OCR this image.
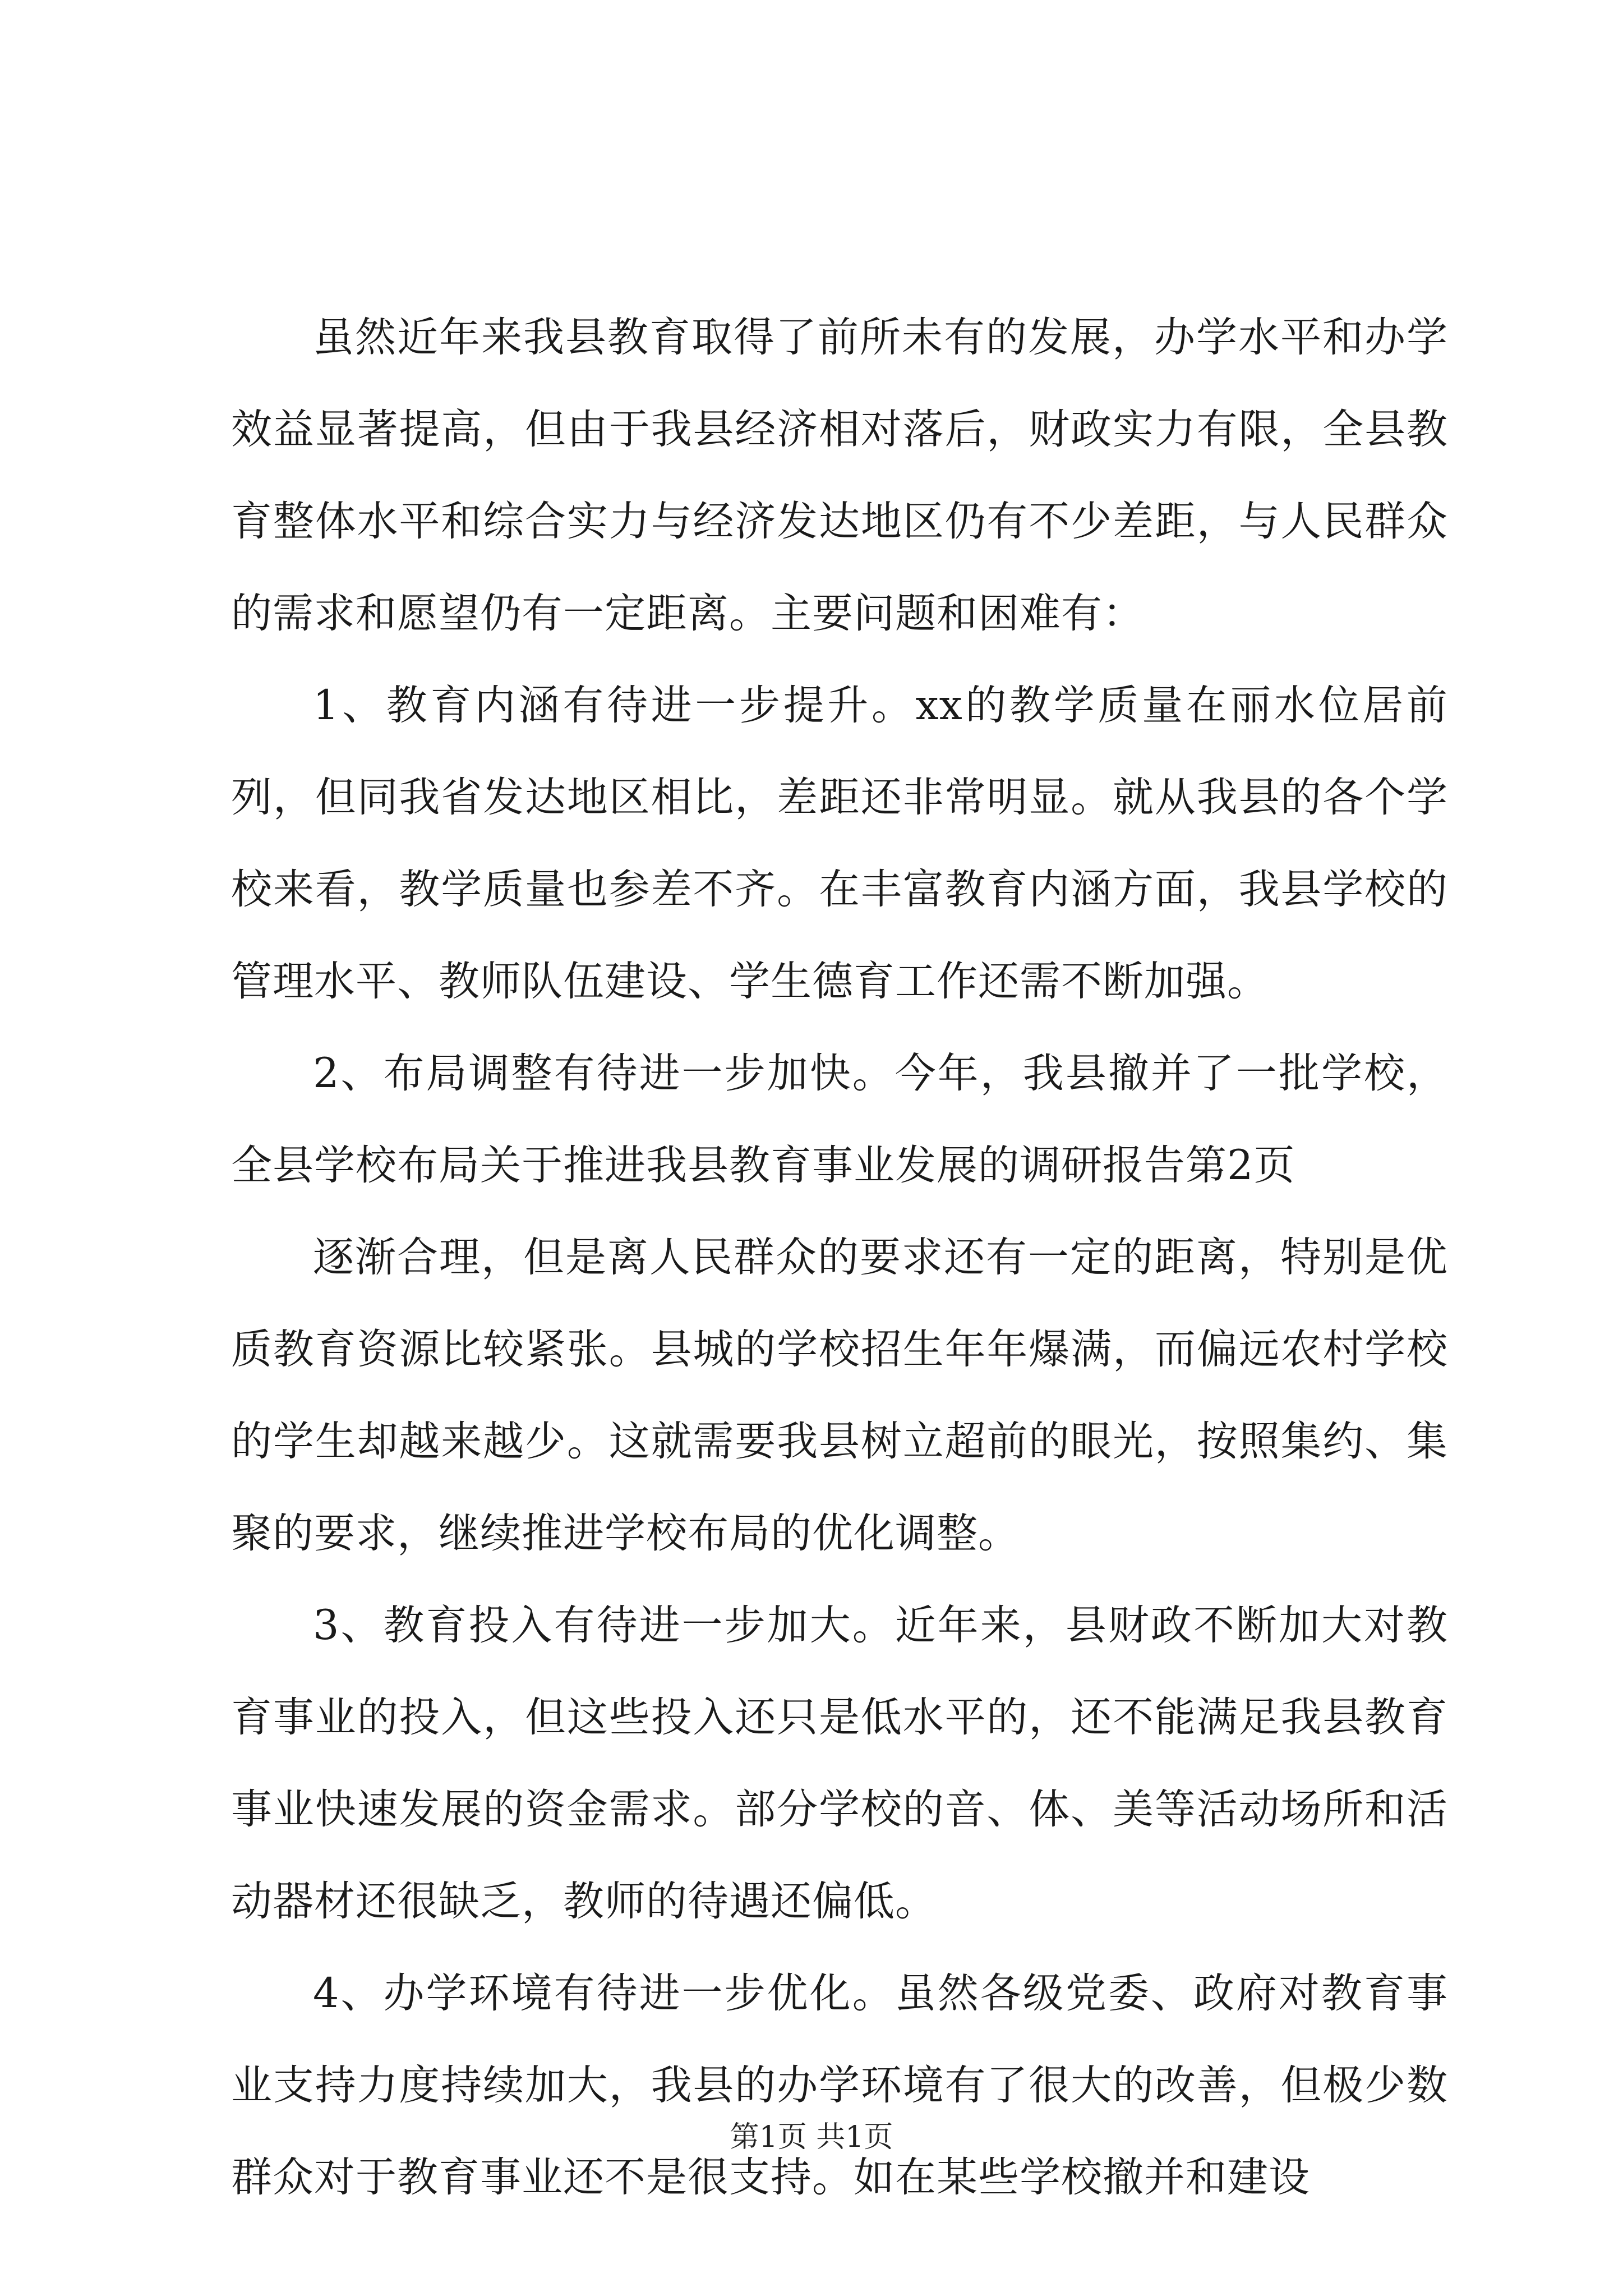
虽然近年来我县教育取得了前所未有的发展，办学水平和办学效益显著提高，但由于我县经济相对落后，财政实力有限，全县教育整体水平和综合实力与经济发达地区仍有不少差距，与人民群众的需求和愿望仍有一定距离。主要问题和困难有：

1、教育内涵有待进一步提升。xx的教学质量在丽水位居前列，但同我省发达地区相比，差距还非常明显。就从我县的各个学校来看，教学质量也参差不齐。在丰富教育内涵方面，我县学校的管理水平、教师队伍建设、学生德育工作还需不断加强。

2、布局调整有待进一步加快。今年，我县撤并了一批学校，全县学校布局关于推进我县教育事业发展的调研报告第2页

逐渐合理，但是离人民群众的要求还有一定的距离，特别是优质教育资源比较紧张。县城的学校招生年年爆满，而偏远农村学校的学生却越来越少。这就需要我县树立超前的眼光，按照集约、集聚的要求，继续推进学校布局的优化调整。

3、教育投入有待进一步加大。近年来，县财政不断加大对教育事业的投入，但这些投入还只是低水平的，还不能满足我县教育事业快速发展的资金需求。部分学校的音、体、美等活动场所和活动器材还很缺乏，教师的待遇还偏低。

4、办学环境有待进一步优化。虽然各级党委、政府对教育事业支持力度持续加大，我县的办学环境有了很大的改善，但极少数群众对于教育事业还不是很支持。如在某些学校撤并和建设

第1页 共1页
